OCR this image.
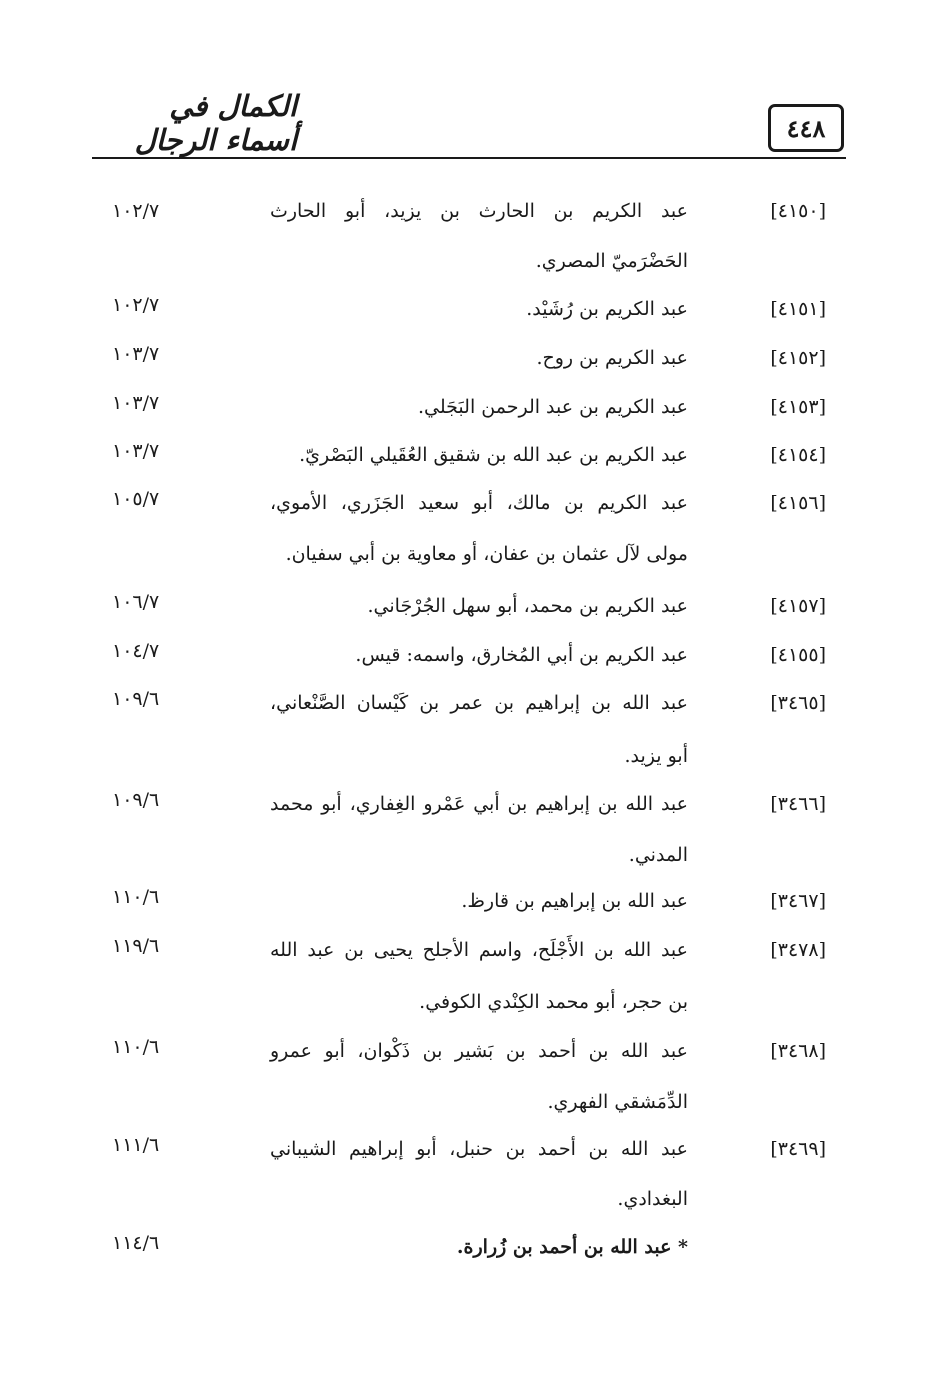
٤٤٨
الكمال في أسماء الرجال
[٤١٥٠]
عبد الكريم بن الحارث بن يزيد، أبو الحارث
١٠٢/٧
الحَضْرَميّ المصري.
[٤١٥١]
عبد الكريم بن رُشَيْد.
١٠٢/٧
[٤١٥٢]
عبد الكريم بن روح.
١٠٣/٧
[٤١٥٣]
عبد الكريم بن عبد الرحمن البَجَلي.
١٠٣/٧
[٤١٥٤]
عبد الكريم بن عبد الله بن شقيق العُقَيلي البَصْريّ.
١٠٣/٧
[٤١٥٦]
عبد الكريم بن مالك، أبو سعيد الجَزَري، الأموي،
١٠٥/٧
مولى لآل عثمان بن عفان، أو معاوية بن أبي سفيان.
[٤١٥٧]
عبد الكريم بن محمد، أبو سهل الجُرْجَاني.
١٠٦/٧
[٤١٥٥]
عبد الكريم بن أبي المُخارق، واسمه: قيس.
١٠٤/٧
[٣٤٦٥]
عبد الله بن إبراهيم بن عمر بن كَيْسان الصَّنْعاني،
١٠٩/٦
أبو يزيد.
[٣٤٦٦]
عبد الله بن إبراهيم بن أبي عَمْرو الغِفاري، أبو محمد
١٠٩/٦
المدني.
[٣٤٦٧]
عبد الله بن إبراهيم بن قارظ.
١١٠/٦
[٣٤٧٨]
عبد الله بن الأَجْلَح، واسم الأجلح يحيى بن عبد الله
١١٩/٦
بن حجر، أبو محمد الكِنْدي الكوفي.
[٣٤٦٨]
عبد الله بن أحمد بن بَشير بن ذَكْوان، أبو عمرو
١١٠/٦
الدِّمَشقي الفهري.
[٣٤٦٩]
عبد الله بن أحمد بن حنبل، أبو إبراهيم الشيباني
١١١/٦
البغدادي.
* عبد الله بن أحمد بن زُرارة.
١١٤/٦
